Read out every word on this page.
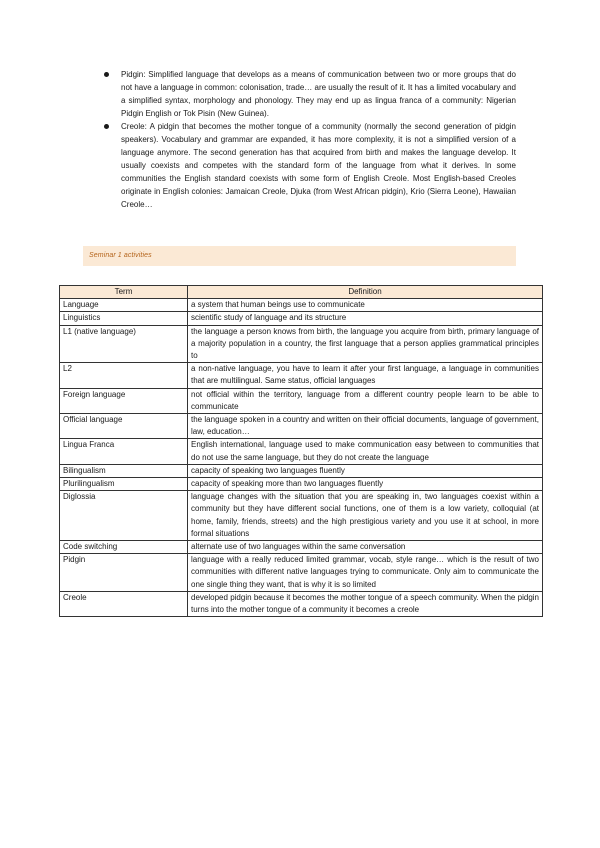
Pidgin: Simplified language that develops as a means of communication between two or more groups that do not have a language in common: colonisation, trade… are usually the result of it. It has a limited vocabulary and a simplified syntax, morphology and phonology. They may end up as lingua franca of a community: Nigerian Pidgin English or Tok Pisin (New Guinea).
Creole: A pidgin that becomes the mother tongue of a community (normally the second generation of pidgin speakers). Vocabulary and grammar are expanded, it has more complexity, it is not a simplified version of a language anymore. The second generation has that acquired from birth and makes the language develop. It usually coexists and competes with the standard form of the language from what it derives. In some communities the English standard coexists with some form of English Creole. Most English-based Creoles originate in English colonies: Jamaican Creole, Djuka (from West African pidgin), Krio (Sierra Leone), Hawaiian Creole…
Seminar 1 activities
Term	Definition
Language	a system that human beings use to communicate
Linguistics	scientific study of language and its structure
L1 (native language)	the language a person knows from birth, the language you acquire from birth, primary language of a majority population in a country, the first language that a person applies grammatical principles to
L2	a non-native language, you have to learn it after your first language, a language in communities that are multilingual. Same status, official languages
Foreign language	not official within the territory, language from a different country people learn to be able to communicate
Official language	the language spoken in a country and written on their official documents, language of government, law, education…
Lingua Franca	English international, language used to make communication easy between to communities that do not use the same language, but they do not create the language
Bilingualism	capacity of speaking two languages fluently
Plurilingualism	capacity of speaking more than two languages fluently
Diglossia	language changes with the situation that you are speaking in, two languages coexist within a community but they have different social functions, one of them is a low variety, colloquial (at home, family, friends, streets) and the high prestigious variety and you use it at school, in more formal situations
Code switching	alternate use of two languages within the same conversation
Pidgin	language with a really reduced limited grammar, vocab, style range… which is the result of two communities with different native languages trying to communicate. Only aim to communicate the one single thing they want, that is why it is so limited
Creole	developed pidgin because it becomes the mother tongue of a speech community. When the pidgin turns into the mother tongue of a community it becomes a creole
